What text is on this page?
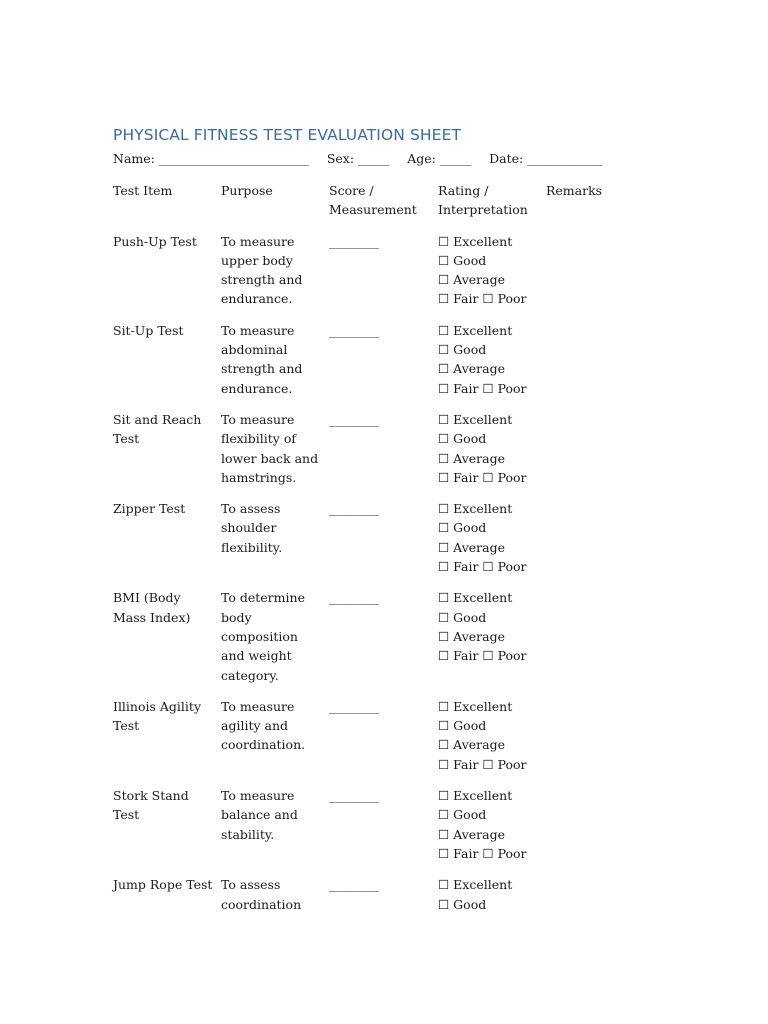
PHYSICAL FITNESS TEST EVALUATION SHEET
Name: ________________________ Sex: _____ Age: _____ Date: ____________
Test Item	Purpose	Score / Measurement	Rating / Interpretation	Remarks
Push-Up Test	To measure upper body strength and endurance.	________	☐ Excellent ☐ Good ☐ Average ☐ Fair ☐ Poor	
Sit-Up Test	To measure abdominal strength and endurance.	________	☐ Excellent ☐ Good ☐ Average ☐ Fair ☐ Poor	
Sit and Reach Test	To measure flexibility of lower back and hamstrings.	________	☐ Excellent ☐ Good ☐ Average ☐ Fair ☐ Poor	
Zipper Test	To assess shoulder flexibility.	________	☐ Excellent ☐ Good ☐ Average ☐ Fair ☐ Poor	
BMI (Body Mass Index)	To determine body composition and weight category.	________	☐ Excellent ☐ Good ☐ Average ☐ Fair ☐ Poor	
Illinois Agility Test	To measure agility and coordination.	________	☐ Excellent ☐ Good ☐ Average ☐ Fair ☐ Poor	
Stork Stand Test	To measure balance and stability.	________	☐ Excellent ☐ Good ☐ Average ☐ Fair ☐ Poor	
Jump Rope Test	To assess coordination	________	☐ Excellent ☐ Good	
